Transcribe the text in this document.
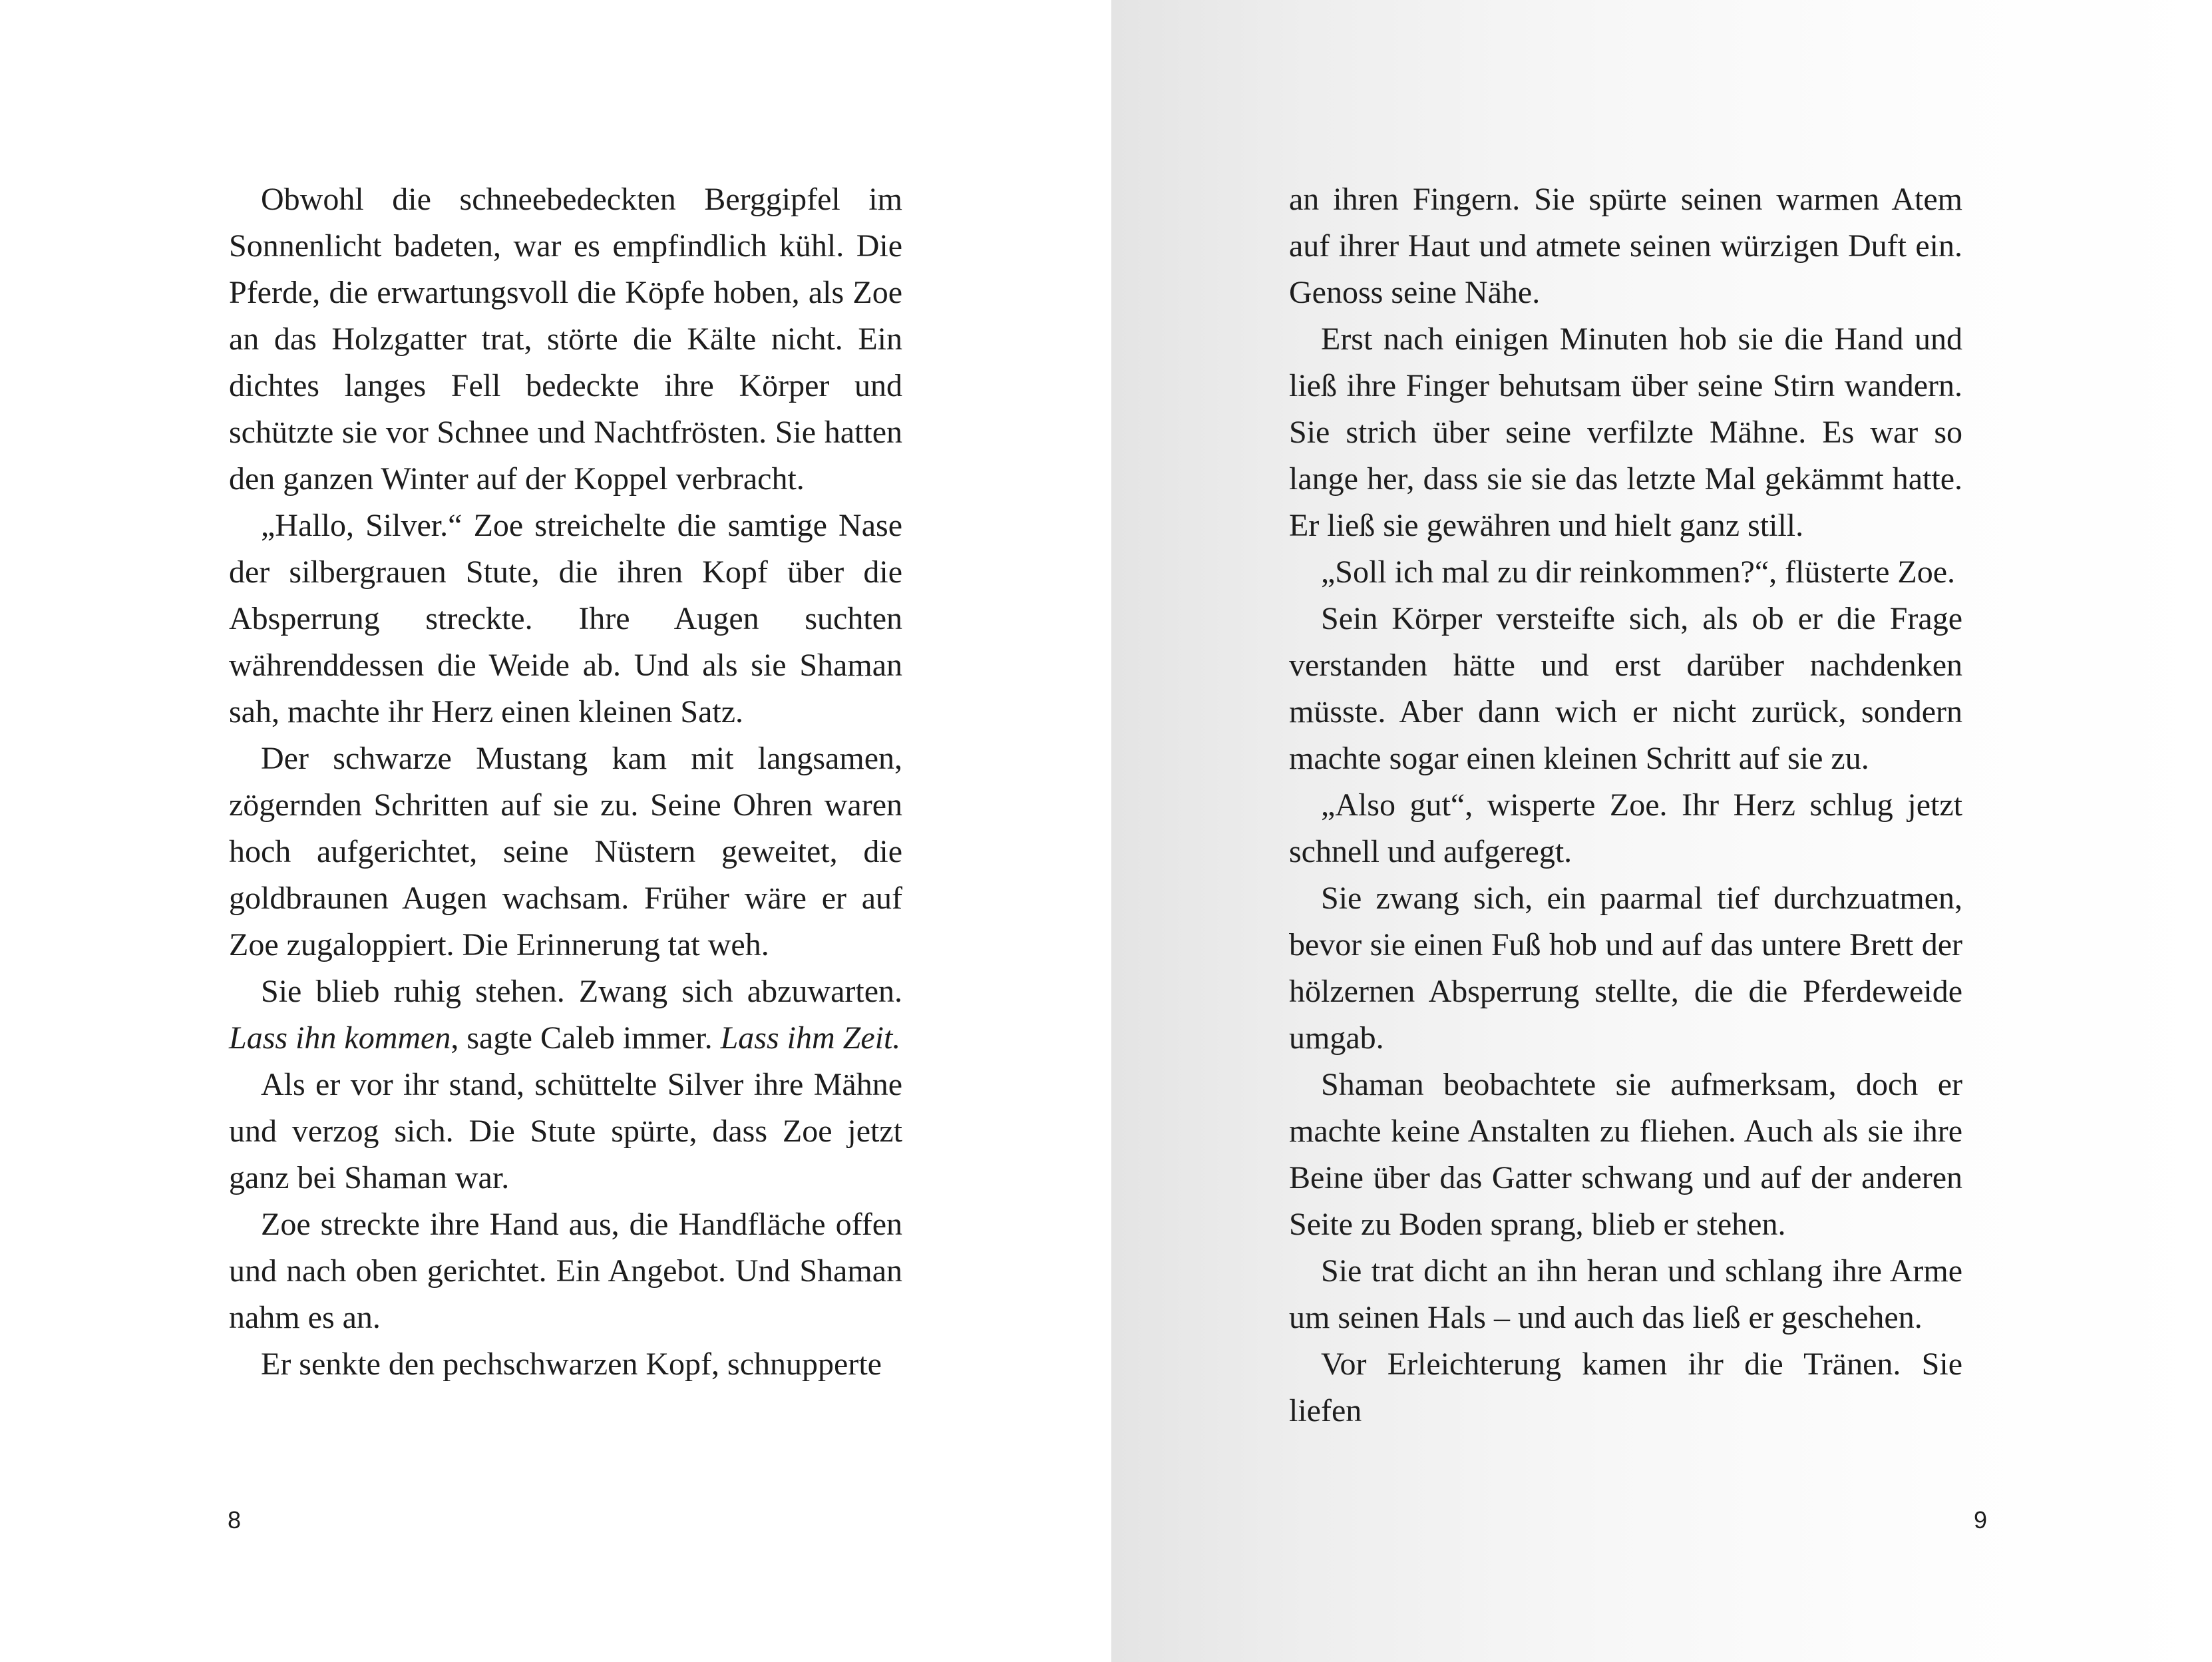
Obwohl die schneebedeckten Berggipfel im Sonnenlicht badeten, war es empfindlich kühl. Die Pferde, die erwartungsvoll die Köpfe hoben, als Zoe an das Holzgatter trat, störte die Kälte nicht. Ein dichtes langes Fell bedeckte ihre Körper und schützte sie vor Schnee und Nachtfrösten. Sie hatten den ganzen Winter auf der Koppel verbracht.

„Hallo, Silver.“ Zoe streichelte die samtige Nase der silbergrauen Stute, die ihren Kopf über die Absperrung streckte. Ihre Augen suchten währenddessen die Weide ab. Und als sie Shaman sah, machte ihr Herz einen kleinen Satz.

Der schwarze Mustang kam mit langsamen, zögernden Schritten auf sie zu. Seine Ohren waren hoch aufgerichtet, seine Nüstern geweitet, die goldbraunen Augen wachsam. Früher wäre er auf Zoe zugaloppiert. Die Erinnerung tat weh.

Sie blieb ruhig stehen. Zwang sich abzuwarten. Lass ihn kommen, sagte Caleb immer. Lass ihm Zeit.

Als er vor ihr stand, schüttelte Silver ihre Mähne und verzog sich. Die Stute spürte, dass Zoe jetzt ganz bei Shaman war.

Zoe streckte ihre Hand aus, die Handfläche offen und nach oben gerichtet. Ein Angebot. Und Shaman nahm es an.

Er senkte den pechschwarzen Kopf, schnupperte

8

an ihren Fingern. Sie spürte seinen warmen Atem auf ihrer Haut und atmete seinen würzigen Duft ein. Genoss seine Nähe.

Erst nach einigen Minuten hob sie die Hand und ließ ihre Finger behutsam über seine Stirn wandern. Sie strich über seine verfilzte Mähne. Es war so lange her, dass sie sie das letzte Mal gekämmt hatte. Er ließ sie gewähren und hielt ganz still.

„Soll ich mal zu dir reinkommen?“, flüsterte Zoe.

Sein Körper versteifte sich, als ob er die Frage verstanden hätte und erst darüber nachdenken müsste. Aber dann wich er nicht zurück, sondern machte sogar einen kleinen Schritt auf sie zu.

„Also gut“, wisperte Zoe. Ihr Herz schlug jetzt schnell und aufgeregt.

Sie zwang sich, ein paarmal tief durchzuatmen, bevor sie einen Fuß hob und auf das untere Brett der hölzernen Absperrung stellte, die die Pferdeweide umgab.

Shaman beobachtete sie aufmerksam, doch er machte keine Anstalten zu fliehen. Auch als sie ihre Beine über das Gatter schwang und auf der anderen Seite zu Boden sprang, blieb er stehen.

Sie trat dicht an ihn heran und schlang ihre Arme um seinen Hals – und auch das ließ er geschehen.

Vor Erleichterung kamen ihr die Tränen. Sie liefen

9
